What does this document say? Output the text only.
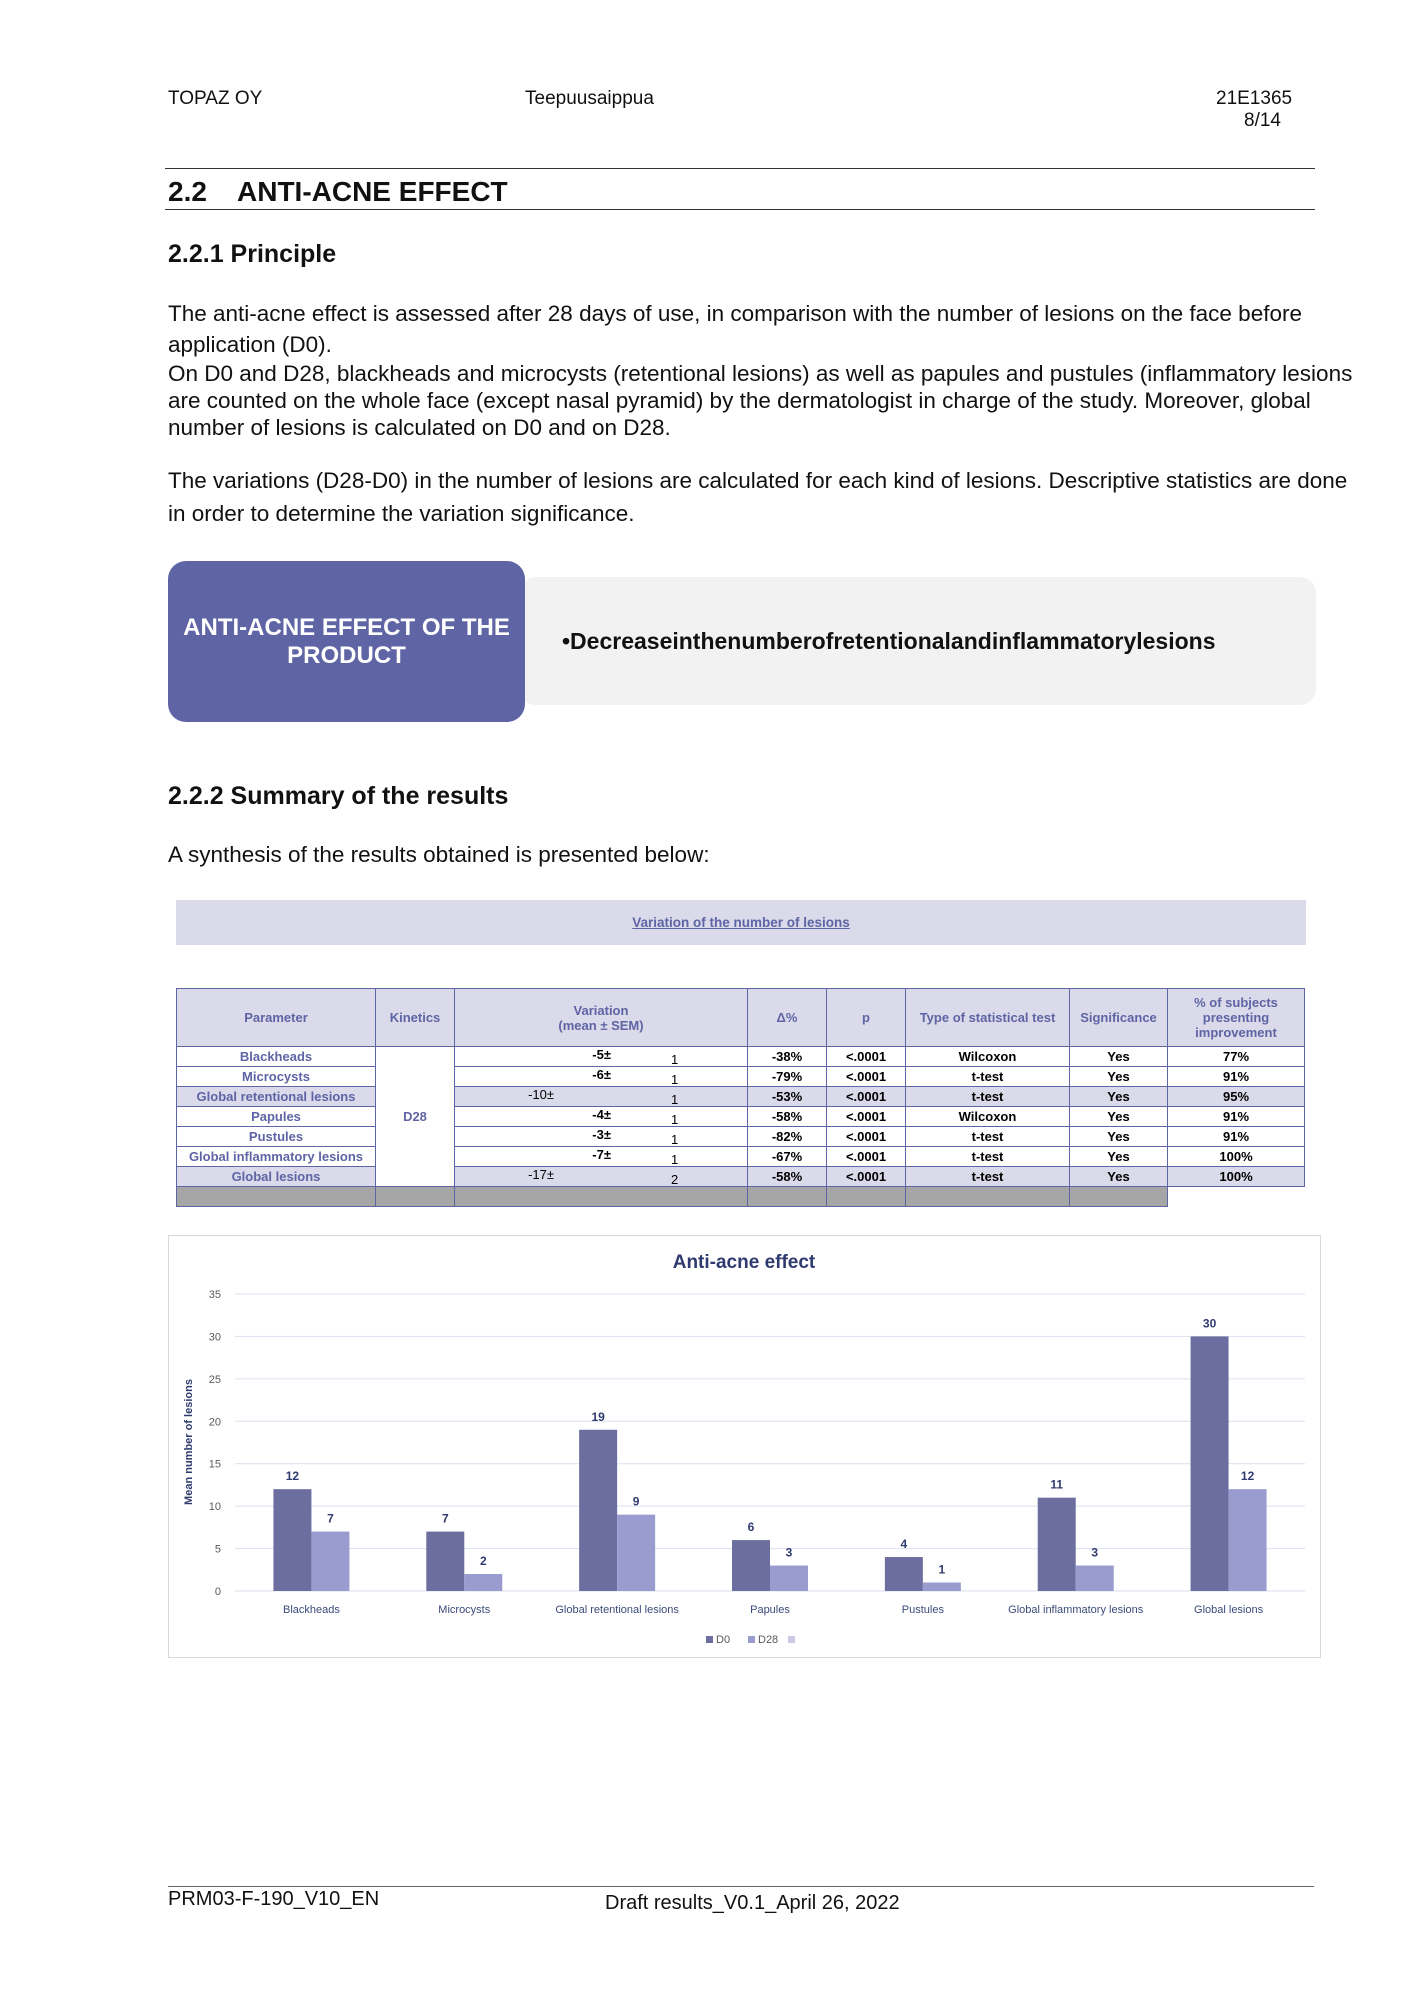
TOPAZ OY	Teepuusaippua	21E1365
8/14
2.2 ANTI-ACNE EFFECT
2.2.1 Principle
The anti-acne effect is assessed after 28 days of use, in comparison with the number of lesions on the face before
application (D0).
On D0 and D28, blackheads and microcysts (retentional lesions) as well as papules and pustules (inflammatory lesions
are counted on the whole face (except nasal pyramid) by the dermatologist in charge of the study. Moreover, global
number of lesions is calculated on D0 and on D28.
The variations (D28-D0) in the number of lesions are calculated for each kind of lesions. Descriptive statistics are done
in order to determine the variation significance.
ANTI-ACNE EFFECT OF THE PRODUCT
•Decreaseinthenumberofretentionalandinflammatorylesions
2.2.2 Summary of the results
A synthesis of the results obtained is presented below:
Variation of the number of lesions
Parameter	Kinetics	Variation
(mean ± SEM)	Δ%	p	Type of statistical test	Significance	% of subjects presenting improvement
Blackheads	D28	-5± 1	-38%	<.0001	Wilcoxon	Yes	77%
Microcysts		-6± 1	-79%	<.0001	t-test	Yes	91%
Global retentional lesions		-10± 1	-53%	<.0001	t-test	Yes	95%
Papules		-4± 1	-58%	<.0001	Wilcoxon	Yes	91%
Pustules		-3± 1	-82%	<.0001	t-test	Yes	91%
Global inflammatory lesions		-7± 1	-67%	<.0001	t-test	Yes	100%
Global lesions		-17± 2	-58%	<.0001	t-test	Yes	100%

Anti-acne effect
0
5
10
15
20
25
30
35
Mean number of lesions	12
7
Blackheads
7
2
Microcysts
19
9
Global retentional lesions
6
3
Papules
4
1
Pustules
11
3
Global inflammatory lesions
30
12
Global lesions
D0	D28
PRM03-F-190_V10_EN	Draft results_V0.1_April 26, 2022
